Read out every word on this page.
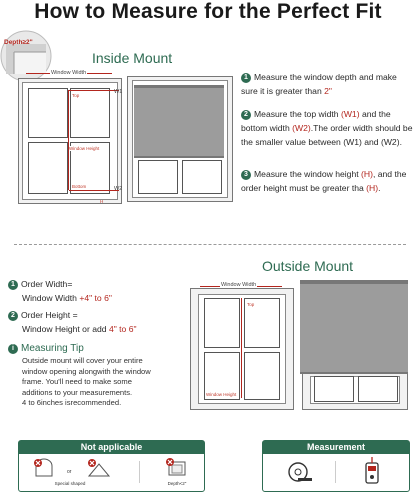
How to Measure for the Perfect Fit
Depth≥2"
Inside Mount
Window Width
Top
Window Height
Bottom
W1
W2
H
1 Measure the window depth and make sure it is greater than 2"
2 Measure the top width (W1) and the bottom width (W2).The order width should be the smaller value between (W1) and (W2).
3 Measure the window height (H), and the order height must be greater tha (H).
Outside Mount
1 Order Width=
Window Width +4" to 6"
2 Order Height =
Window Height or add 4" to 6"
i Measuring Tip
Outside mount will cover your entire
window opening alongwith the window
frame. You'll need to make some
additions to your measurements.
4 to 6inches isrecommended.
Window Width
Top
Window Height
Not applicable
or
Special shaped	Depth<2"
Measurement
